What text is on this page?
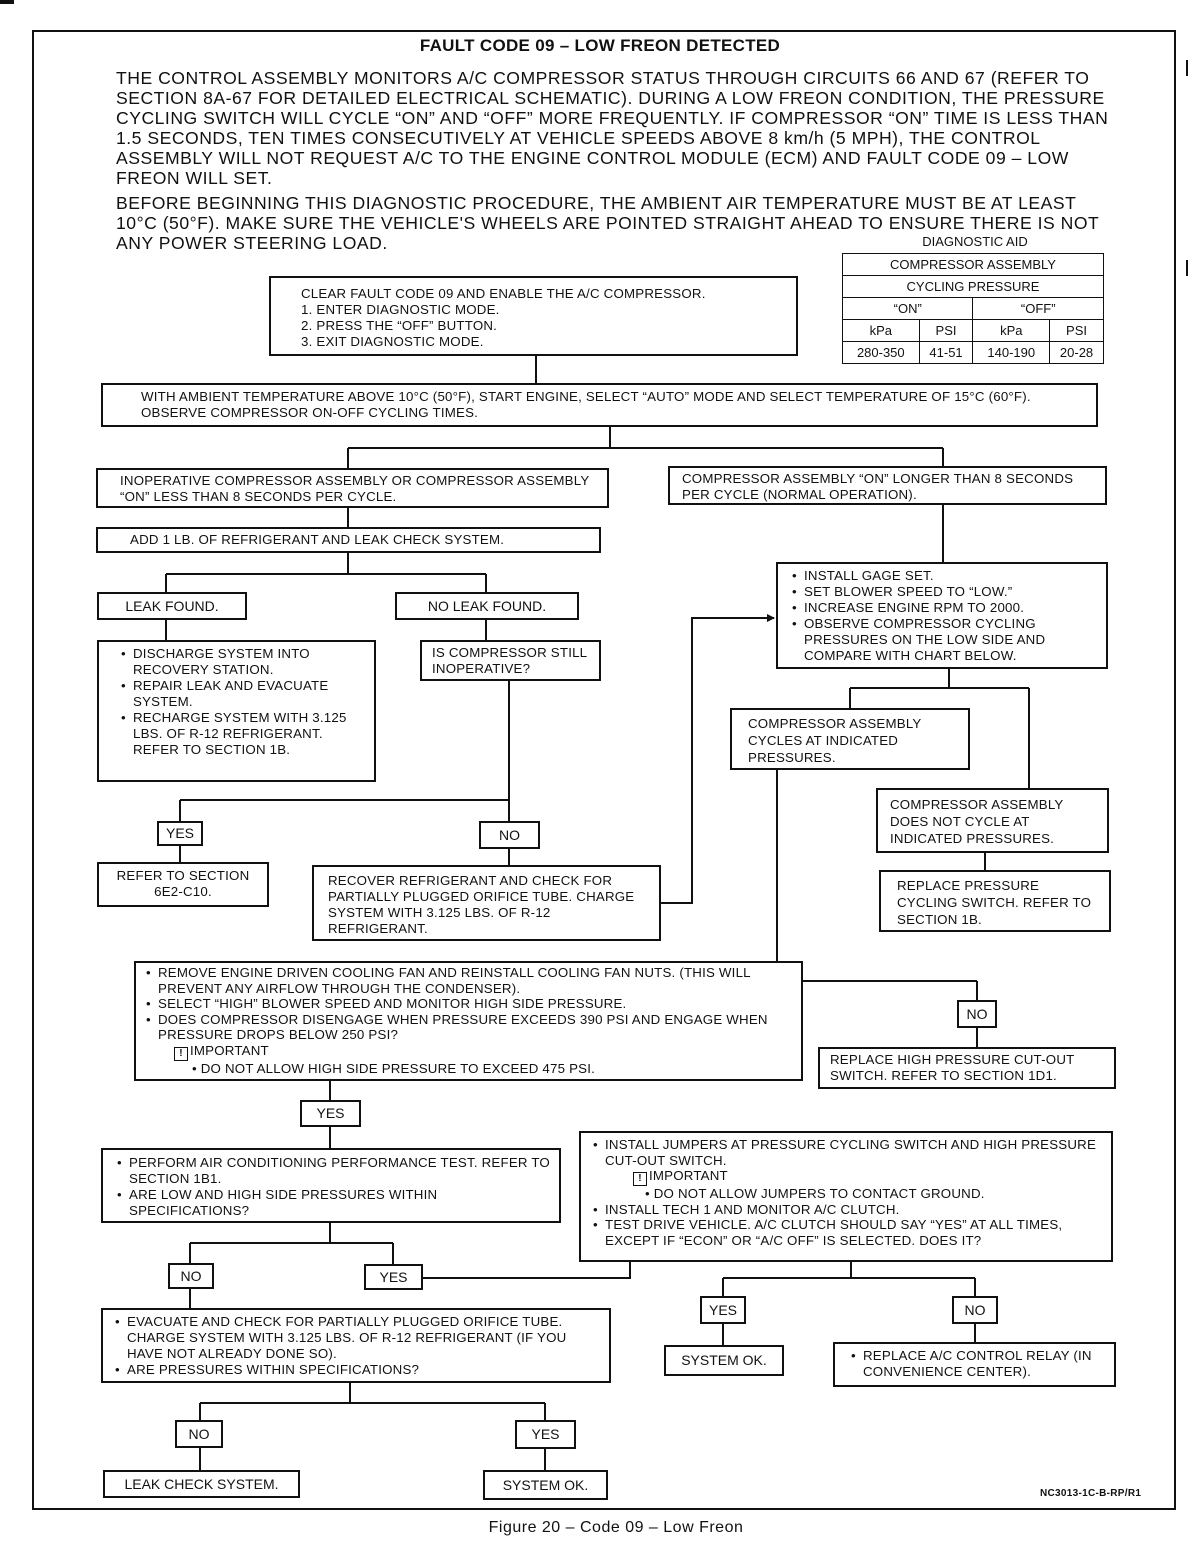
FAULT CODE 09 – LOW FREON DETECTED

THE CONTROL ASSEMBLY MONITORS A/C COMPRESSOR STATUS THROUGH CIRCUITS 66 AND 67 (REFER TO SECTION 8A-67 FOR DETAILED ELECTRICAL SCHEMATIC). DURING A LOW FREON CONDITION, THE PRESSURE CYCLING SWITCH WILL CYCLE “ON” AND “OFF” MORE FREQUENTLY. IF COMPRESSOR “ON” TIME IS LESS THAN 1.5 SECONDS, TEN TIMES CONSECUTIVELY AT VEHICLE SPEEDS ABOVE 8 km/h (5 MPH), THE CONTROL ASSEMBLY WILL NOT REQUEST A/C TO THE ENGINE CONTROL MODULE (ECM) AND FAULT CODE 09 – LOW FREON WILL SET.

BEFORE BEGINNING THIS DIAGNOSTIC PROCEDURE, THE AMBIENT AIR TEMPERATURE MUST BE AT LEAST 10°C (50°F). MAKE SURE THE VEHICLE'S WHEELS ARE POINTED STRAIGHT AHEAD TO ENSURE THERE IS NOT ANY POWER STEERING LOAD.	DIAGNOSTIC AID
COMPRESSOR ASSEMBLY			
CYCLING PRESSURE			
“ON”		“OFF”	
kPa	PSI	kPa	PSI
280-350	41-51	140-190	20-28

CLEAR FAULT CODE 09 AND ENABLE THE A/C COMPRESSOR.

1. ENTER DIAGNOSTIC MODE.

2. PRESS THE “OFF” BUTTON.

3. EXIT DIAGNOSTIC MODE.

WITH AMBIENT TEMPERATURE ABOVE 10°C (50°F), START ENGINE, SELECT “AUTO” MODE AND SELECT TEMPERATURE OF 15°C (60°F). OBSERVE COMPRESSOR ON-OFF CYCLING TIMES.

INOPERATIVE COMPRESSOR ASSEMBLY OR COMPRESSOR ASSEMBLY “ON” LESS THAN 8 SECONDS PER CYCLE.

COMPRESSOR ASSEMBLY “ON” LONGER THAN 8 SECONDS PER CYCLE (NORMAL OPERATION).

ADD 1 LB. OF REFRIGERANT AND LEAK CHECK SYSTEM.

LEAK FOUND.	NO LEAK FOUND.
• DISCHARGE SYSTEM INTO RECOVERY STATION.
• REPAIR LEAK AND EVACUATE SYSTEM.
• RECHARGE SYSTEM WITH 3.125 LBS. OF R-12 REFRIGERANT. REFER TO SECTION 1B.

IS COMPRESSOR STILL INOPERATIVE?

YES	NO

REFER TO SECTION 6E2-C10.

RECOVER REFRIGERANT AND CHECK FOR PARTIALLY PLUGGED ORIFICE TUBE. CHARGE SYSTEM WITH 3.125 LBS. OF R-12 REFRIGERANT.

• INSTALL GAGE SET.
• SET BLOWER SPEED TO “LOW.”
• INCREASE ENGINE RPM TO 2000.
• OBSERVE COMPRESSOR CYCLING PRESSURES ON THE LOW SIDE AND COMPARE WITH CHART BELOW.

COMPRESSOR ASSEMBLY CYCLES AT INDICATED PRESSURES.

COMPRESSOR ASSEMBLY DOES NOT CYCLE AT INDICATED PRESSURES.

REPLACE PRESSURE CYCLING SWITCH. REFER TO SECTION 1B.

• REMOVE ENGINE DRIVEN COOLING FAN AND REINSTALL COOLING FAN NUTS. (THIS WILL PREVENT ANY AIRFLOW THROUGH THE CONDENSER).
• SELECT “HIGH” BLOWER SPEED AND MONITOR HIGH SIDE PRESSURE.
• DOES COMPRESSOR DISENGAGE WHEN PRESSURE EXCEEDS 390 PSI AND ENGAGE WHEN PRESSURE DROPS BELOW 250 PSI?
! IMPORTANT
• DO NOT ALLOW HIGH SIDE PRESSURE TO EXCEED 475 PSI.
NO

REPLACE HIGH PRESSURE CUT-OUT SWITCH. REFER TO SECTION 1D1.

YES
• PERFORM AIR CONDITIONING PERFORMANCE TEST. REFER TO SECTION 1B1.
• ARE LOW AND HIGH SIDE PRESSURES WITHIN SPECIFICATIONS?
• INSTALL JUMPERS AT PRESSURE CYCLING SWITCH AND HIGH PRESSURE CUT-OUT SWITCH.
! IMPORTANT
• DO NOT ALLOW JUMPERS TO CONTACT GROUND.
• INSTALL TECH 1 AND MONITOR A/C CLUTCH.
• TEST DRIVE VEHICLE. A/C CLUTCH SHOULD SAY “YES” AT ALL TIMES, EXCEPT IF “ECON” OR “A/C OFF” IS SELECTED. DOES IT?
NO	YES
YES	NO
SYSTEM OK.	• REPLACE A/C CONTROL RELAY (IN CONVENIENCE CENTER).
• EVACUATE AND CHECK FOR PARTIALLY PLUGGED ORIFICE TUBE. CHARGE SYSTEM WITH 3.125 LBS. OF R-12 REFRIGERANT (IF YOU HAVE NOT ALREADY DONE SO).
• ARE PRESSURES WITHIN SPECIFICATIONS?
NO	YES
LEAK CHECK SYSTEM.	SYSTEM OK.
NC3013-1C-B-RP/R1
Figure 20 – Code 09 – Low Freon
